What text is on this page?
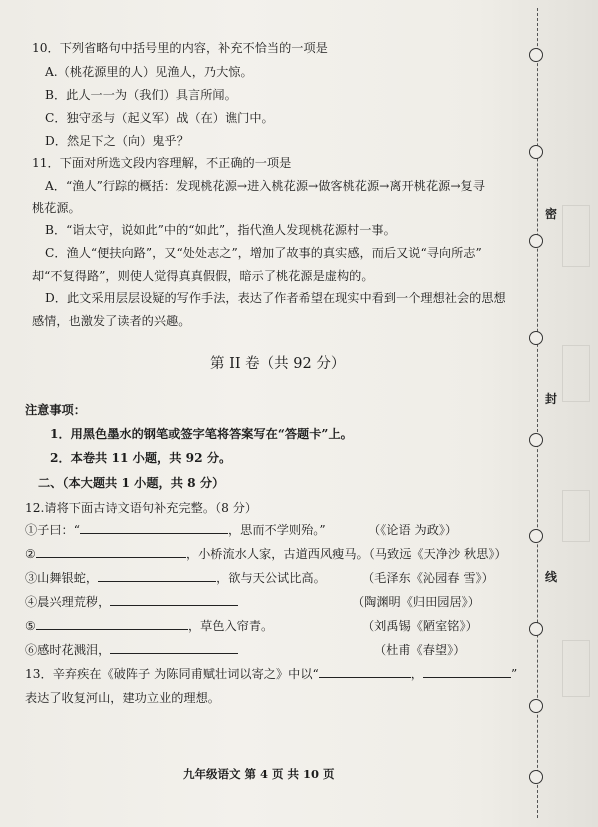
10．下列省略句中括号里的内容，补充不恰当的一项是
A.（桃花源里的人）见渔人，乃大惊。
B．此人一一为（我们）具言所闻。
C．独守丞与（起义军）战（在）谯门中。
D．然足下之（向）鬼乎？
11．下面对所选文段内容理解，不正确的一项是
A．“渔人”行踪的概括：发现桃花源→进入桃花源→做客桃花源→离开桃花源→复寻
桃花源。
B．“诣太守，说如此”中的“如此”，指代渔人发现桃花源村一事。
C．渔人“便扶向路”，又“处处志之”，增加了故事的真实感，而后又说“寻向所志”
却“不复得路”，则使人觉得真真假假，暗示了桃花源是虚构的。
D．此文采用层层设疑的写作手法，表达了作者希望在现实中看到一个理想社会的思想
感情，也激发了读者的兴趣。
第 II 卷（共 92 分）
注意事项：
1．用黑色墨水的钢笔或签字笔将答案写在“答题卡”上。
2．本卷共 11 小题，共 92 分。
二、（本大题共 1 小题，共 8 分）
12.请将下面古诗文语句补充完整。（8 分）
①子曰：“	，思而不学则殆。”	（《论语 为政》）
②	，小桥流水人家，古道西风瘦马。（马致远《天净沙 秋思》）
③山舞银蛇，	，欲与天公试比高。	（毛泽东《沁园春 雪》）
④晨兴理荒秽，	（陶渊明《归田园居》）
⑤	，草色入帘青。	（刘禹锡《陋室铭》）
⑥感时花溅泪，	（杜甫《春望》）
13．辛弃疾在《破阵子 为陈同甫赋壮词以寄之》中以“	，	”
表达了收复河山，建功立业的理想。
九年级语文 第 4 页 共 10 页
密
封
线
